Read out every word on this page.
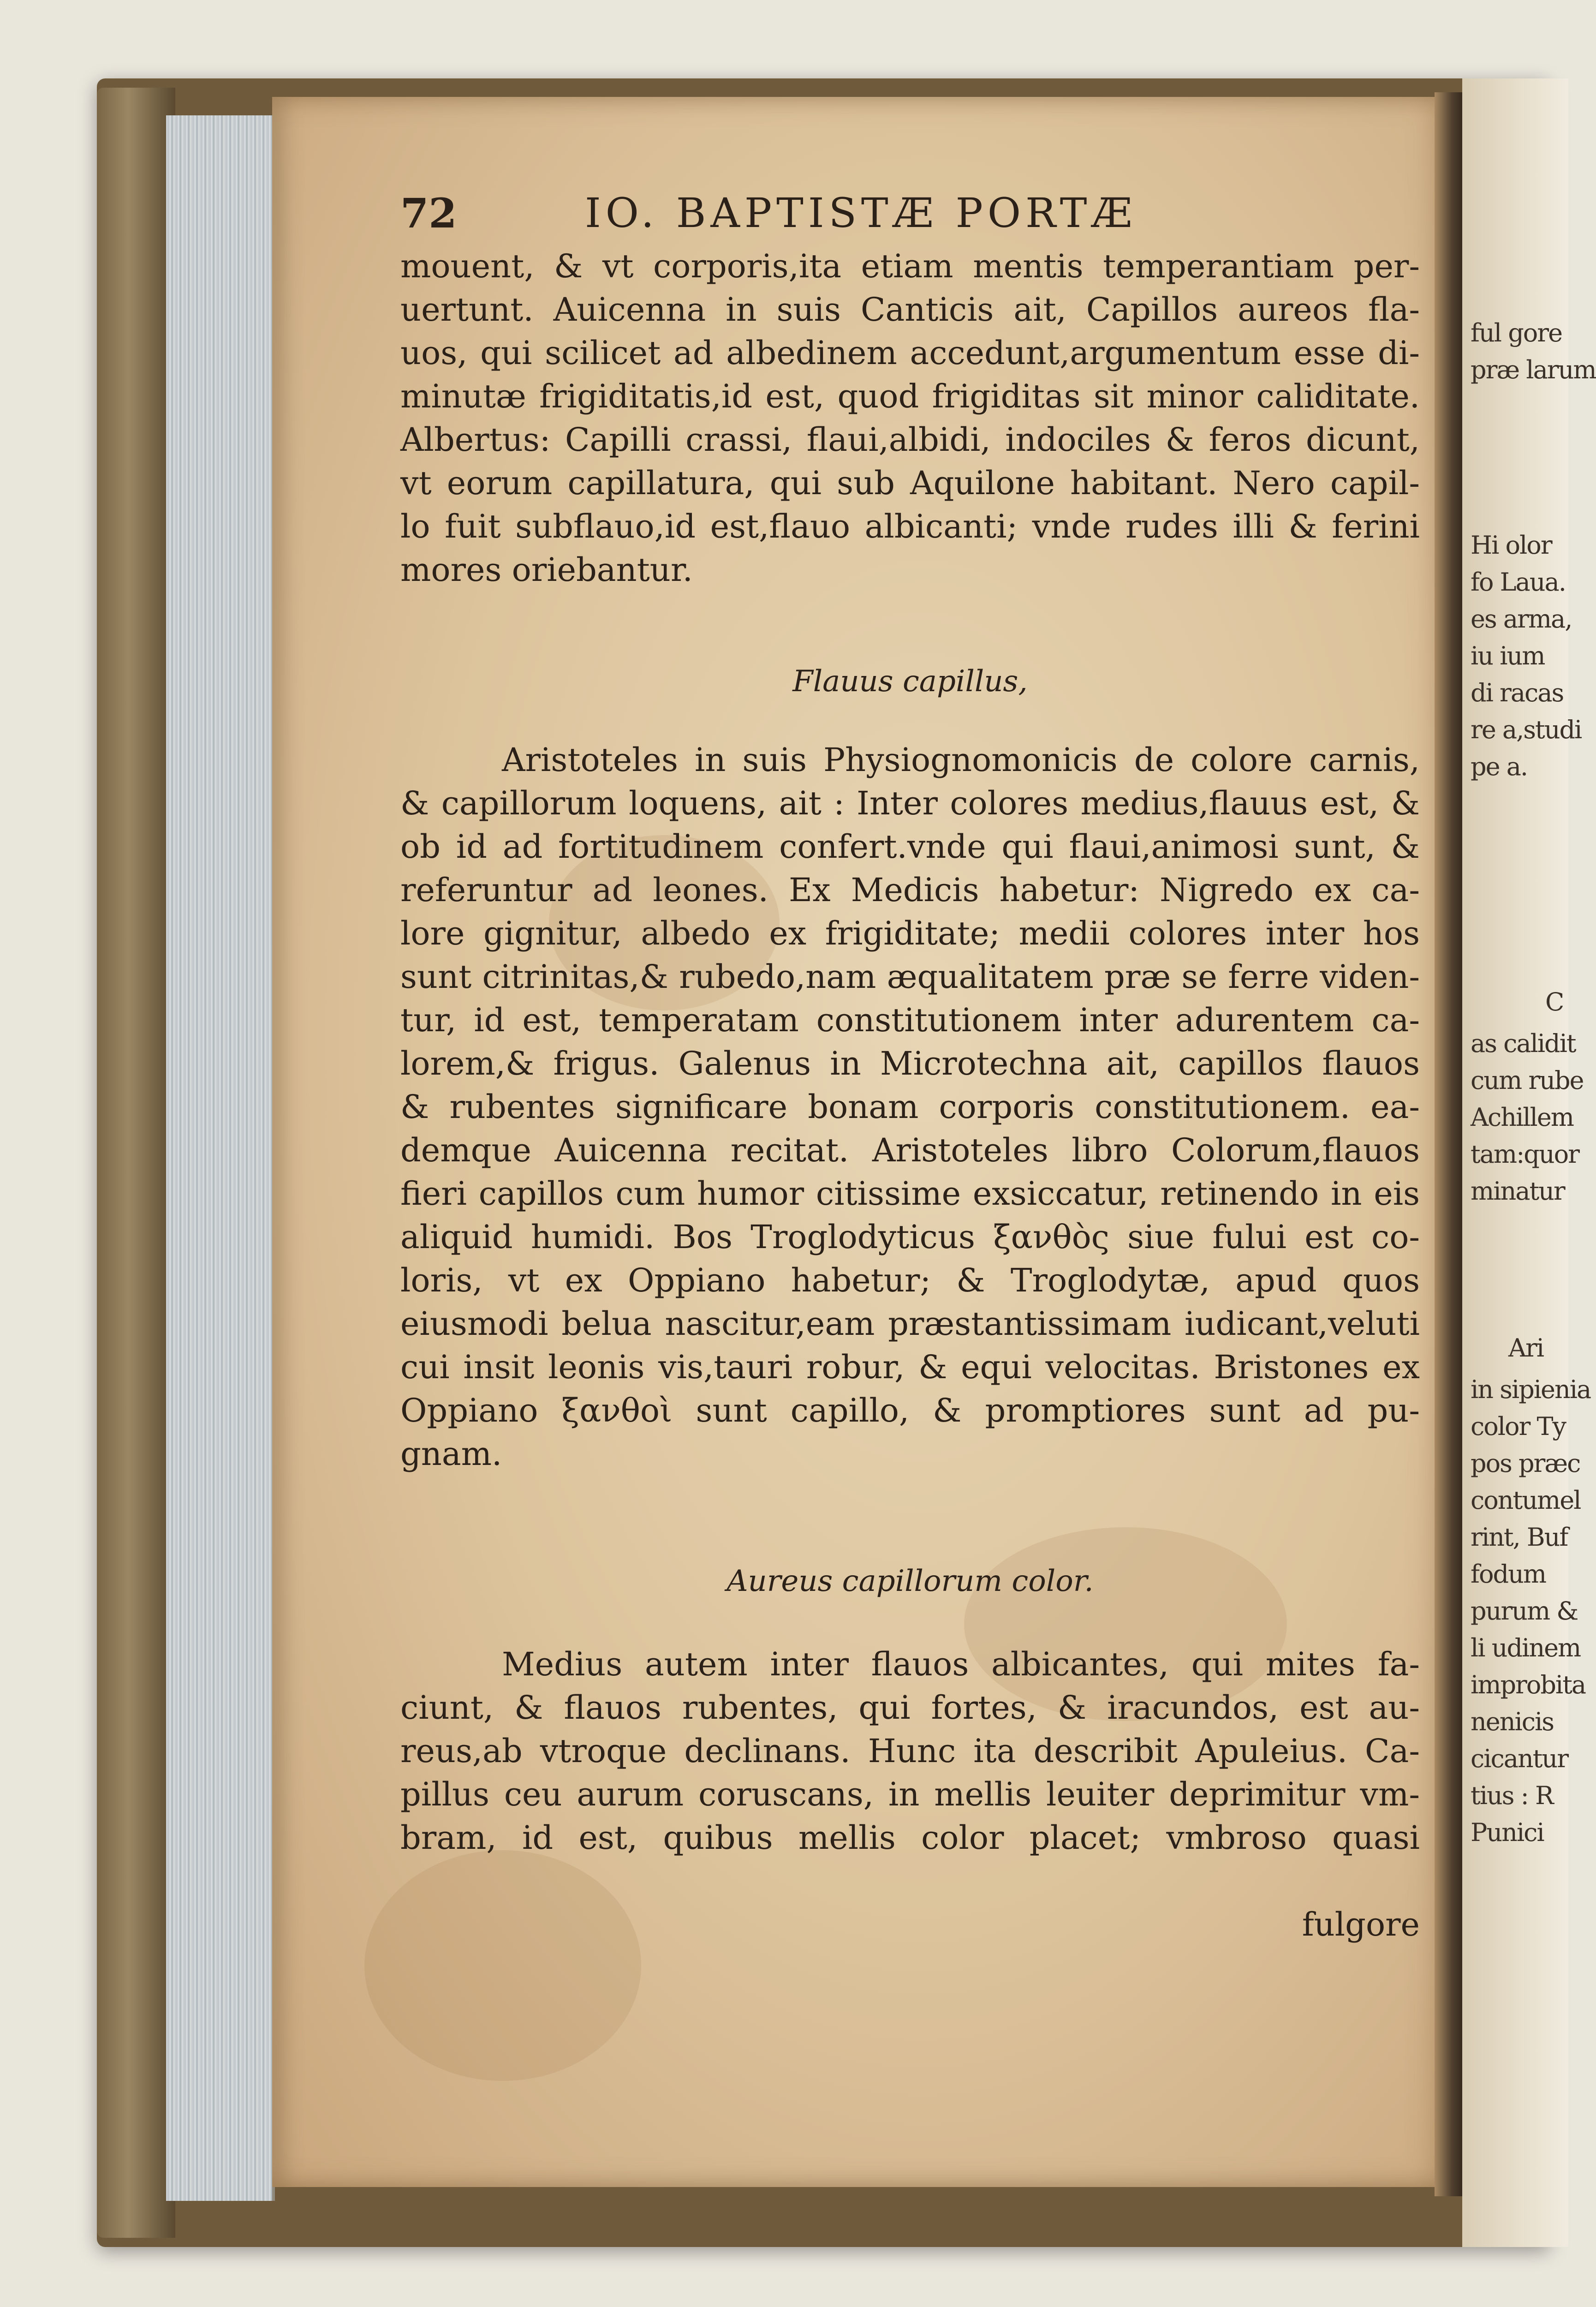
ful gore
præ larum
Hi olor
fo Laua.
es arma,
iu ium
di racas
re a,studi
pe a.
C
as calidit
cum rube
Achillem
tam:quor
minatur
Ari
in sipienia
color Ty
pos præc
contumel
rint, Buf
fodum
purum &
li udinem
improbita
nenicis
cicantur
tius : R
Punici
72	IO. BAPTISTÆ PORTÆ
mouent, & vt corporis,ita etiam mentis temperantiam per-
uertunt. Auicenna in suis Canticis ait, Capillos aureos fla-
uos, qui scilicet ad albedinem accedunt,argumentum esse di-
minutæ frigiditatis,id est, quod frigiditas sit minor caliditate.
Albertus: Capilli crassi, flaui,albidi, indociles & feros dicunt,
vt eorum capillatura, qui sub Aquilone habitant. Nero capil-
lo fuit subflauo,id est,flauo albicanti; vnde rudes illi & ferini
mores oriebantur.
Flauus capillus,
Aristoteles in suis Physiognomonicis de colore carnis,
& capillorum loquens, ait : Inter colores medius,flauus est, &
ob id ad fortitudinem confert.vnde qui flaui,animosi sunt, &
referuntur ad leones. Ex Medicis habetur: Nigredo ex ca-
lore gignitur, albedo ex frigiditate; medii colores inter hos
sunt citrinitas,& rubedo,nam æqualitatem præ se ferre viden-
tur, id est, temperatam constitutionem inter adurentem ca-
lorem,& frigus. Galenus in Microtechna ait, capillos flauos
& rubentes significare bonam corporis constitutionem. ea-
demque Auicenna recitat. Aristoteles libro Colorum,flauos
fieri capillos cum humor citissime exsiccatur, retinendo in eis
aliquid humidi. Bos Troglodyticus ξανθὸς siue fului est co-
loris, vt ex Oppiano habetur; & Troglodytæ, apud quos
eiusmodi belua nascitur,eam præstantissimam iudicant,veluti
cui insit leonis vis,tauri robur, & equi velocitas. Bristones ex
Oppiano ξανθοὶ sunt capillo, & promptiores sunt ad pu-
gnam.
Aureus capillorum color.
Medius autem inter flauos albicantes, qui mites fa-
ciunt, & flauos rubentes, qui fortes, & iracundos, est au-
reus,ab vtroque declinans. Hunc ita describit Apuleius. Ca-
pillus ceu aurum coruscans, in mellis leuiter deprimitur vm-
bram, id est, quibus mellis color placet; vmbroso quasi
fulgore
